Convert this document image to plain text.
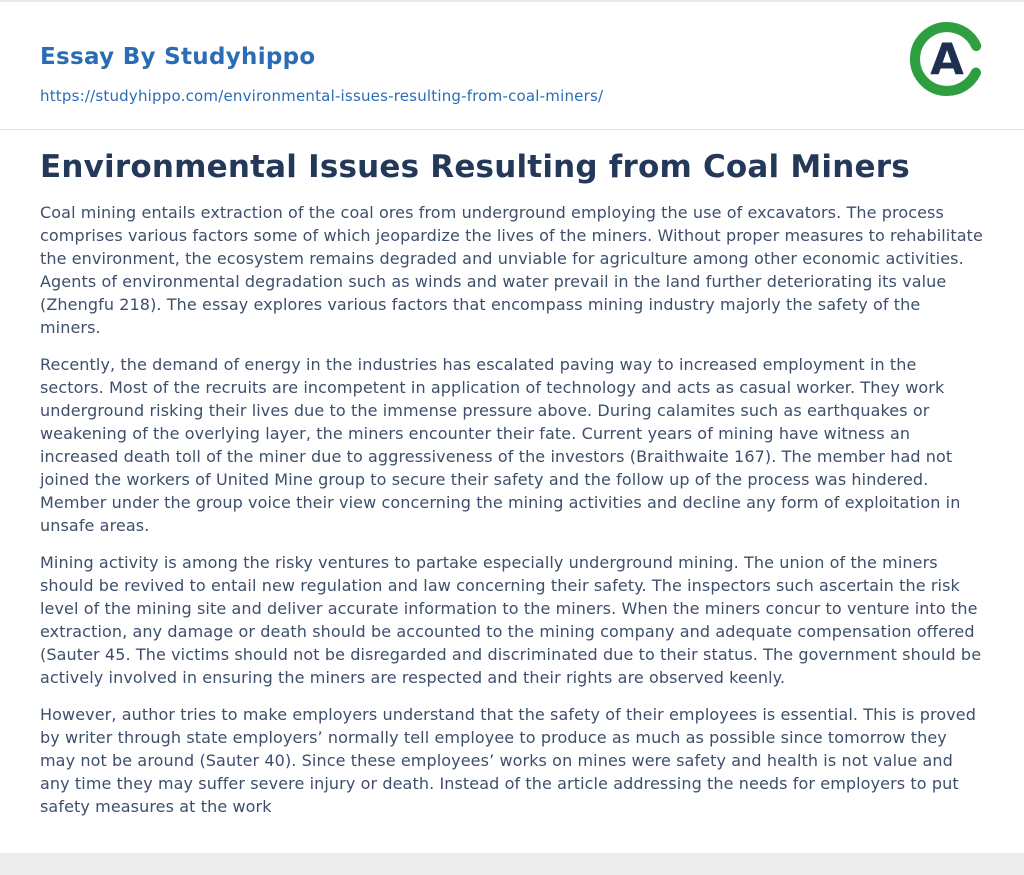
Essay By Studyhippo
https://studyhippo.com/environmental-issues-resulting-from-coal-miners/
A
Environmental Issues Resulting from Coal Miners

Coal mining entails extraction of the coal ores from underground employing the use of excavators. The process comprises various factors some of which jeopardize the lives of the miners. Without proper measures to rehabilitate the environment, the ecosystem remains degraded and unviable for agriculture among other economic activities. Agents of environmental degradation such as winds and water prevail in the land further deteriorating its value (Zhengfu 218). The essay explores various factors that encompass mining industry majorly the safety of the miners.

Recently, the demand of energy in the industries has escalated paving way to increased employment in the sectors. Most of the recruits are incompetent in application of technology and acts as casual worker. They work underground risking their lives due to the immense pressure above. During calamites such as earthquakes or weakening of the overlying layer, the miners encounter their fate. Current years of mining have witness an increased death toll of the miner due to aggressiveness of the investors (Braithwaite 167). The member had not joined the workers of United Mine group to secure their safety and the follow up of the process was hindered. Member under the group voice their view concerning the mining activities and decline any form of exploitation in unsafe areas.

Mining activity is among the risky ventures to partake especially underground mining. The union of the miners should be revived to entail new regulation and law concerning their safety. The inspectors such ascertain the risk level of the mining site and deliver accurate information to the miners. When the miners concur to venture into the extraction, any damage or death should be accounted to the mining company and adequate compensation offered (Sauter 45. The victims should not be disregarded and discriminated due to their status. The government should be actively involved in ensuring the miners are respected and their rights are observed keenly.

However, author tries to make employers understand that the safety of their employees is essential. This is proved by writer through state employers’ normally tell employee to produce as much as possible since tomorrow they may not be around (Sauter 40). Since these employees’ works on mines were safety and health is not value and any time they may suffer severe injury or death. Instead of the article addressing the needs for employers to put safety measures at the work
